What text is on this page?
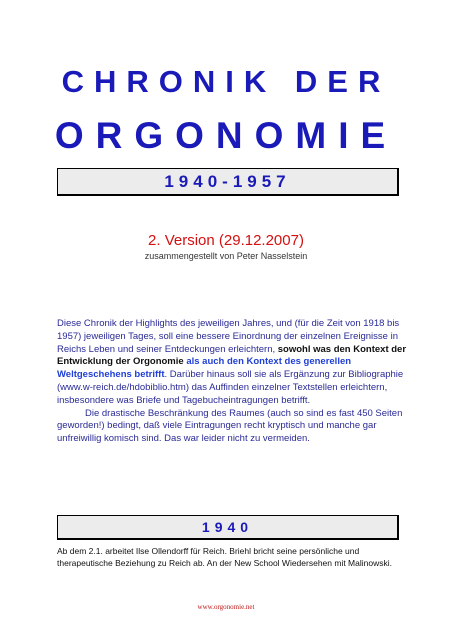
CHRONIK DER
ORGONOMIE
1940-1957
2. Version (29.12.2007)
zusammengestellt von Peter Nasselstein

Diese Chronik der Highlights des jeweiligen Jahres, und (für die Zeit von 1918 bis 1957) jeweiligen Tages, soll eine bessere Einordnung der einzelnen Ereignisse in Reichs Leben und seiner Entdeckungen erleichtern, sowohl was den Kontext der Entwicklung der Orgonomie als auch den Kontext des generellen Weltgeschehens betrifft. Darüber hinaus soll sie als Ergänzung zur Bibliographie (www.w-reich.de/hdobiblio.htm) das Auffinden einzelner Textstellen erleichtern, insbesondere was Briefe und Tagebucheintragungen betrifft.

Die drastische Beschränkung des Raumes (auch so sind es fast 450 Seiten geworden!) bedingt, daß viele Eintragungen recht kryptisch und manche gar unfreiwillig komisch sind. Das war leider nicht zu vermeiden.

1940
Ab dem 2.1. arbeitet Ilse Ollendorff für Reich. Briehl bricht seine persönliche und therapeutische Beziehung zu Reich ab. An der New School Wiedersehen mit Malinowski.
www.orgonomie.net
